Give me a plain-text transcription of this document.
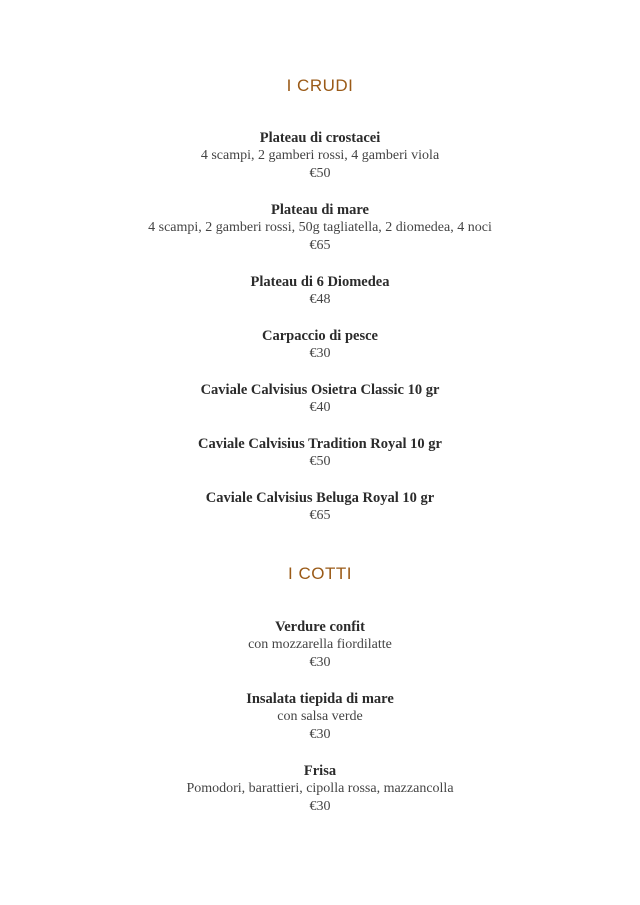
I CRUDI
Plateau di crostacei
4 scampi, 2 gamberi rossi, 4 gamberi viola
€50
Plateau di mare
4 scampi, 2 gamberi rossi, 50g tagliatella, 2 diomedea, 4 noci
€65
Plateau di 6 Diomedea
€48
Carpaccio di pesce
€30
Caviale Calvisius Osietra Classic 10 gr
€40
Caviale Calvisius Tradition Royal 10 gr
€50
Caviale Calvisius Beluga Royal 10 gr
€65
I COTTI
Verdure confit
con mozzarella fiordilatte
€30
Insalata tiepida di mare
con salsa verde
€30
Frisa
Pomodori, barattieri, cipolla rossa, mazzancolla
€30
